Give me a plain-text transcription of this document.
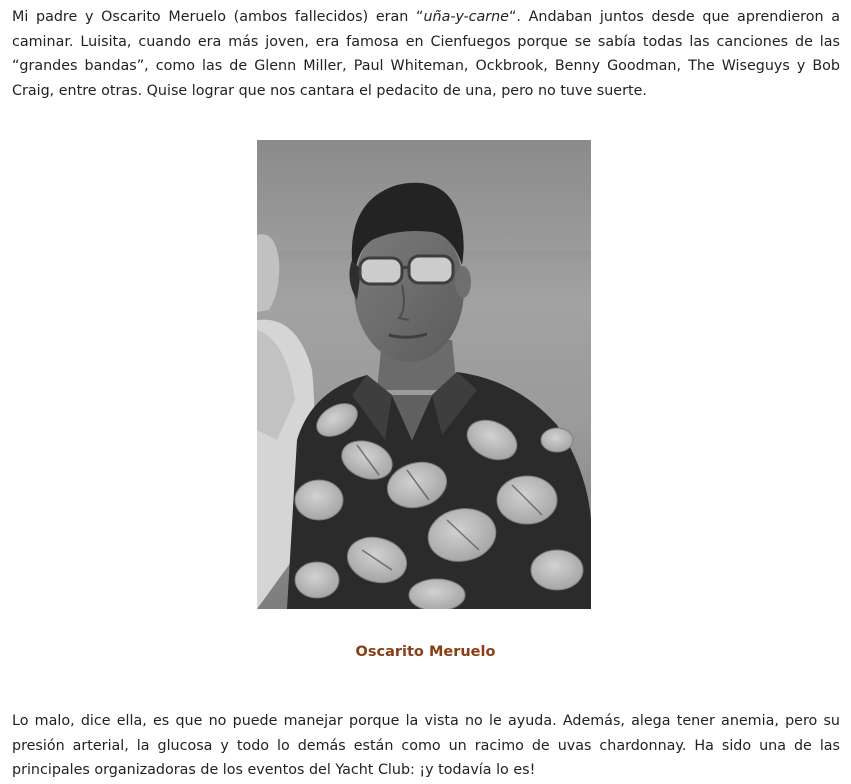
Mi padre y Oscarito Meruelo (ambos fallecidos) eran “uña-y-carne“. Andaban juntos desde que aprendieron a caminar. Luisita, cuando era más joven, era famosa en Cienfuegos porque se sabía todas las canciones de las “grandes bandas”, como las de Glenn Miller, Paul Whiteman, Ockbrook, Benny Goodman, The Wiseguys y Bob Craig, entre otras. Quise lograr que nos cantara el pedacito de una, pero no tuve suerte.

Oscarito Meruelo

Lo malo, dice ella, es que no puede manejar porque la vista no le ayuda. Además, alega tener anemia, pero su presión arterial, la glucosa y todo lo demás están como un racimo de uvas chardonnay. Ha sido una de las principales organizadoras de los eventos del Yacht Club: ¡y todavía lo es!
